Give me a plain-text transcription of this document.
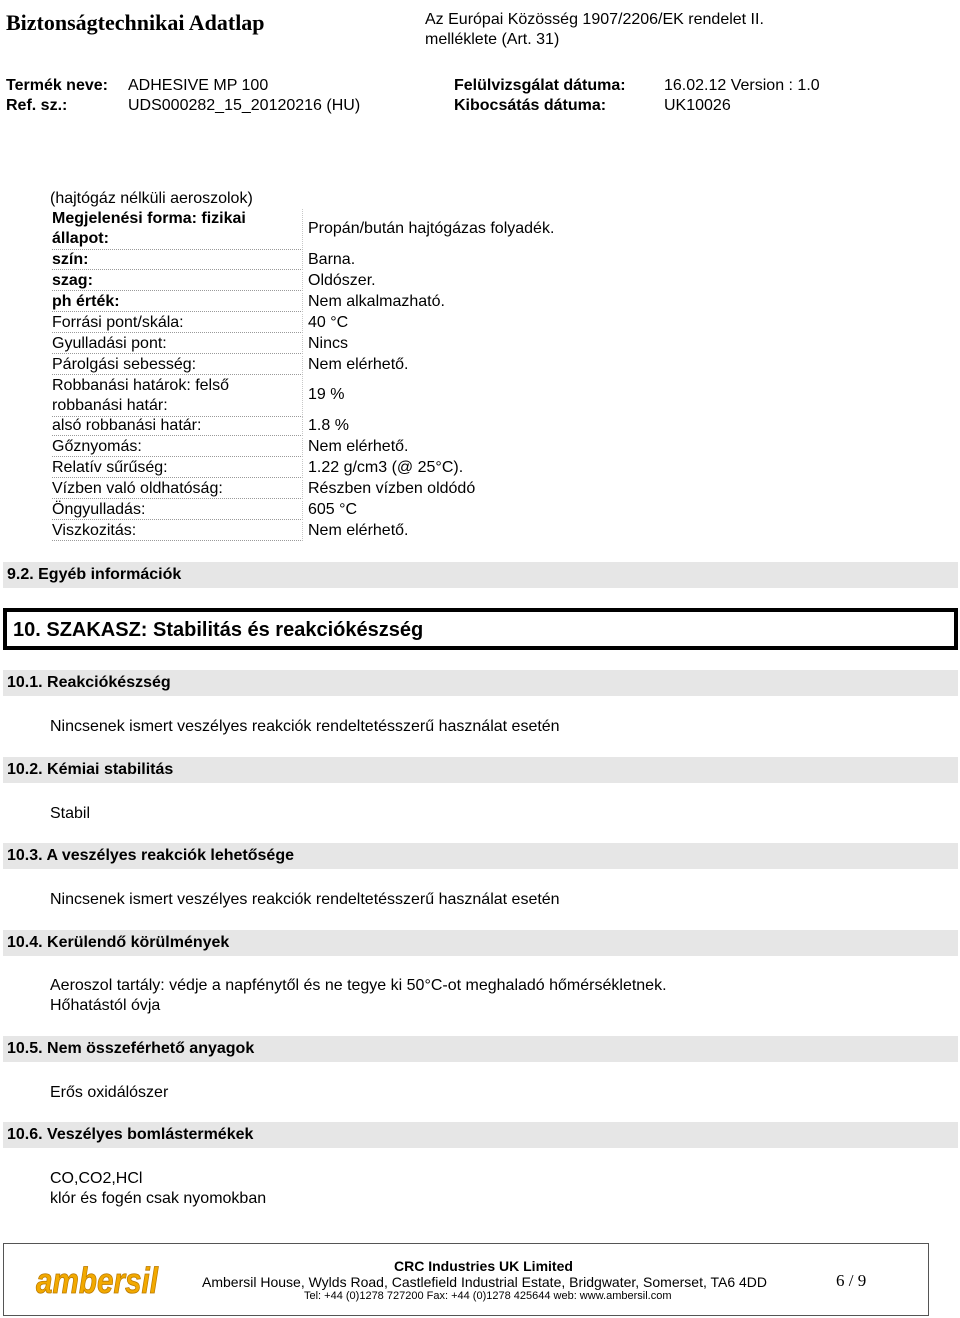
Biztonságtechnikai Adatlap	Az Európai Közösség 1907/2206/EK rendelet II.
melléklete (Art. 31)
Termék neve: ADHESIVE MP 100
Ref. sz.:	UDS000282_15_20120216 (HU)
Felülvizsgálat dátuma: 16.02.12 Version : 1.0
Kibocsátás dátuma:	UK10026
(hajtógáz nélküli aeroszolok)
Megjelenési forma: fizikai
állapot:
Propán/bután hajtógázas folyadék.
szín:	Barna.
szag:	Oldószer.
ph érték:	Nem alkalmazható.
Forrási pont/skála:	40 °C
Gyulladási pont:	Nincs
Párolgási sebesség:	Nem elérhető.
Robbanási határok: felső
robbanási határ:
19 %
alsó robbanási határ:	1.8 %
Gőznyomás:	Nem elérhető.
Relatív sűrűség:	1.22 g/cm3 (@ 25°C).
Vízben való oldhatóság:	Részben vízben oldódó
Öngyulladás:	605 °C
Viszkozitás:	Nem elérhető.
9.2. Egyéb információk
10. SZAKASZ: Stabilitás és reakciókészség
10.1. Reakciókészség
Nincsenek ismert veszélyes reakciók rendeltetésszerű használat esetén
10.2. Kémiai stabilitás
Stabil
10.3. A veszélyes reakciók lehetősége
Nincsenek ismert veszélyes reakciók rendeltetésszerű használat esetén
10.4. Kerülendő körülmények
Aeroszol tartály: védje a napfénytől és ne tegye ki 50°C-ot meghaladó hőmérsékletnek.
Hőhatástól óvja
10.5. Nem összeférhető anyagok
Erős oxidálószer
10.6. Veszélyes bomlástermékek
CO,CO2,HCl
klór és fogén csak nyomokban
ambersil	CRC Industries UK Limited
Ambersil House, Wylds Road, Castlefield Industrial Estate, Bridgwater, Somerset, TA6 4DD
Tel: +44 (0)1278 727200 Fax: +44 (0)1278 425644 web: www.ambersil.com
6 / 9
